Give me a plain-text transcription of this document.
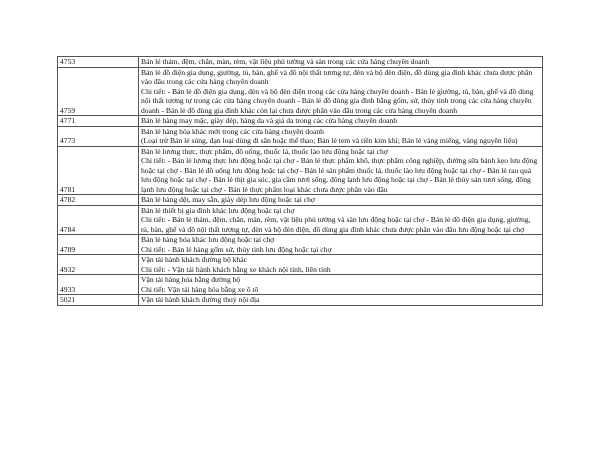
4753	Bán lẻ thảm, đệm, chăn, màn, rèm, vật liệu phủ tường và sàn trong các cửa hàng chuyên doanh

4759	Bán lẻ đồ điện gia dụng, giường, tủ, bàn, ghế và đồ nội thất tương tự, đèn và bộ đèn điện, đồ dùng gia đình khác chưa được phân vào đâu trong các cửa hàng chuyên doanh
Chi tiết: - Bán lẻ đồ điện gia dụng, đèn và bộ đèn điện trong các cửa hàng chuyên doanh - Bán lẻ giường, tủ, bàn, ghế và đồ dùng nội thất tương tự trong các cửa hàng chuyên doanh - Bán lẻ đồ dùng gia đình bằng gốm, sứ, thủy tinh trong các cửa hàng chuyên doanh - Bán lẻ đồ dùng gia đình khác còn lại chưa được phân vào đâu trong các cửa hàng chuyên doanh

4771	Bán lẻ hàng may mặc, giày dép, hàng da và giả da trong các cửa hàng chuyên doanh

4773	Bán lẻ hàng hóa khác mới trong các cửa hàng chuyên doanh
(Loại trừ Bán lẻ súng, đạn loại dùng đi săn hoặc thể thao; Bán lẻ tem và tiền kim khí; Bán lẻ vàng miếng, vàng nguyên liệu)

4781	Bán lẻ lương thực, thực phẩm, đồ uống, thuốc lá, thuốc lào lưu động hoặc tại chợ
Chi tiết: - Bán lẻ lương thực lưu động hoặc tại chợ - Bán lẻ thực phẩm khô, thực phẩm công nghiệp, đường sữa bánh kẹo lưu động hoặc tại chợ - Bán lẻ đồ uống lưu động hoặc tại chợ - Bán lẻ sản phẩm thuốc lá, thuốc lào lưu động hoặc tại chợ - Bán lẻ rau quả lưu động hoặc tại chợ - Bán lẻ thịt gia súc, gia cầm tươi sống, đông lạnh lưu động hoặc tại chợ - Bán lẻ thủy sản tươi sống, đông lạnh lưu động hoặc tại chợ - Bán lẻ thực phẩm loại khác chưa được phân vào đâu

4782	Bán lẻ hàng dệt, may sẵn, giày dép lưu động hoặc tại chợ

4784	Bán lẻ thiết bị gia đình khác lưu động hoặc tại chợ
Chi tiết: - Bán lẻ thảm, đệm, chăn, màn, rèm, vật liệu phủ tường và sàn lưu động hoặc tại chợ - Bán lẻ đồ điện gia dụng, giường, tủ, bàn, ghế và đồ nội thất tương tự, đèn và bộ đèn điện, đồ dùng gia đình khác chưa được phân vào đâu lưu động hoặc tại chợ

4789	Bán lẻ hàng hóa khác lưu động hoặc tại chợ
Chi tiết: - Bán lẻ hàng gốm sứ, thủy tinh lưu động hoặc tại chợ

4932	Vận tải hành khách đường bộ khác
Chi tiết: - Vận tải hành khách bằng xe khách nội tỉnh, liên tỉnh

4933	Vận tải hàng hóa bằng đường bộ
Chi tiết: Vận tải hàng hóa bằng xe ô tô

5021	Vận tải hành khách đường thuỷ nội địa
